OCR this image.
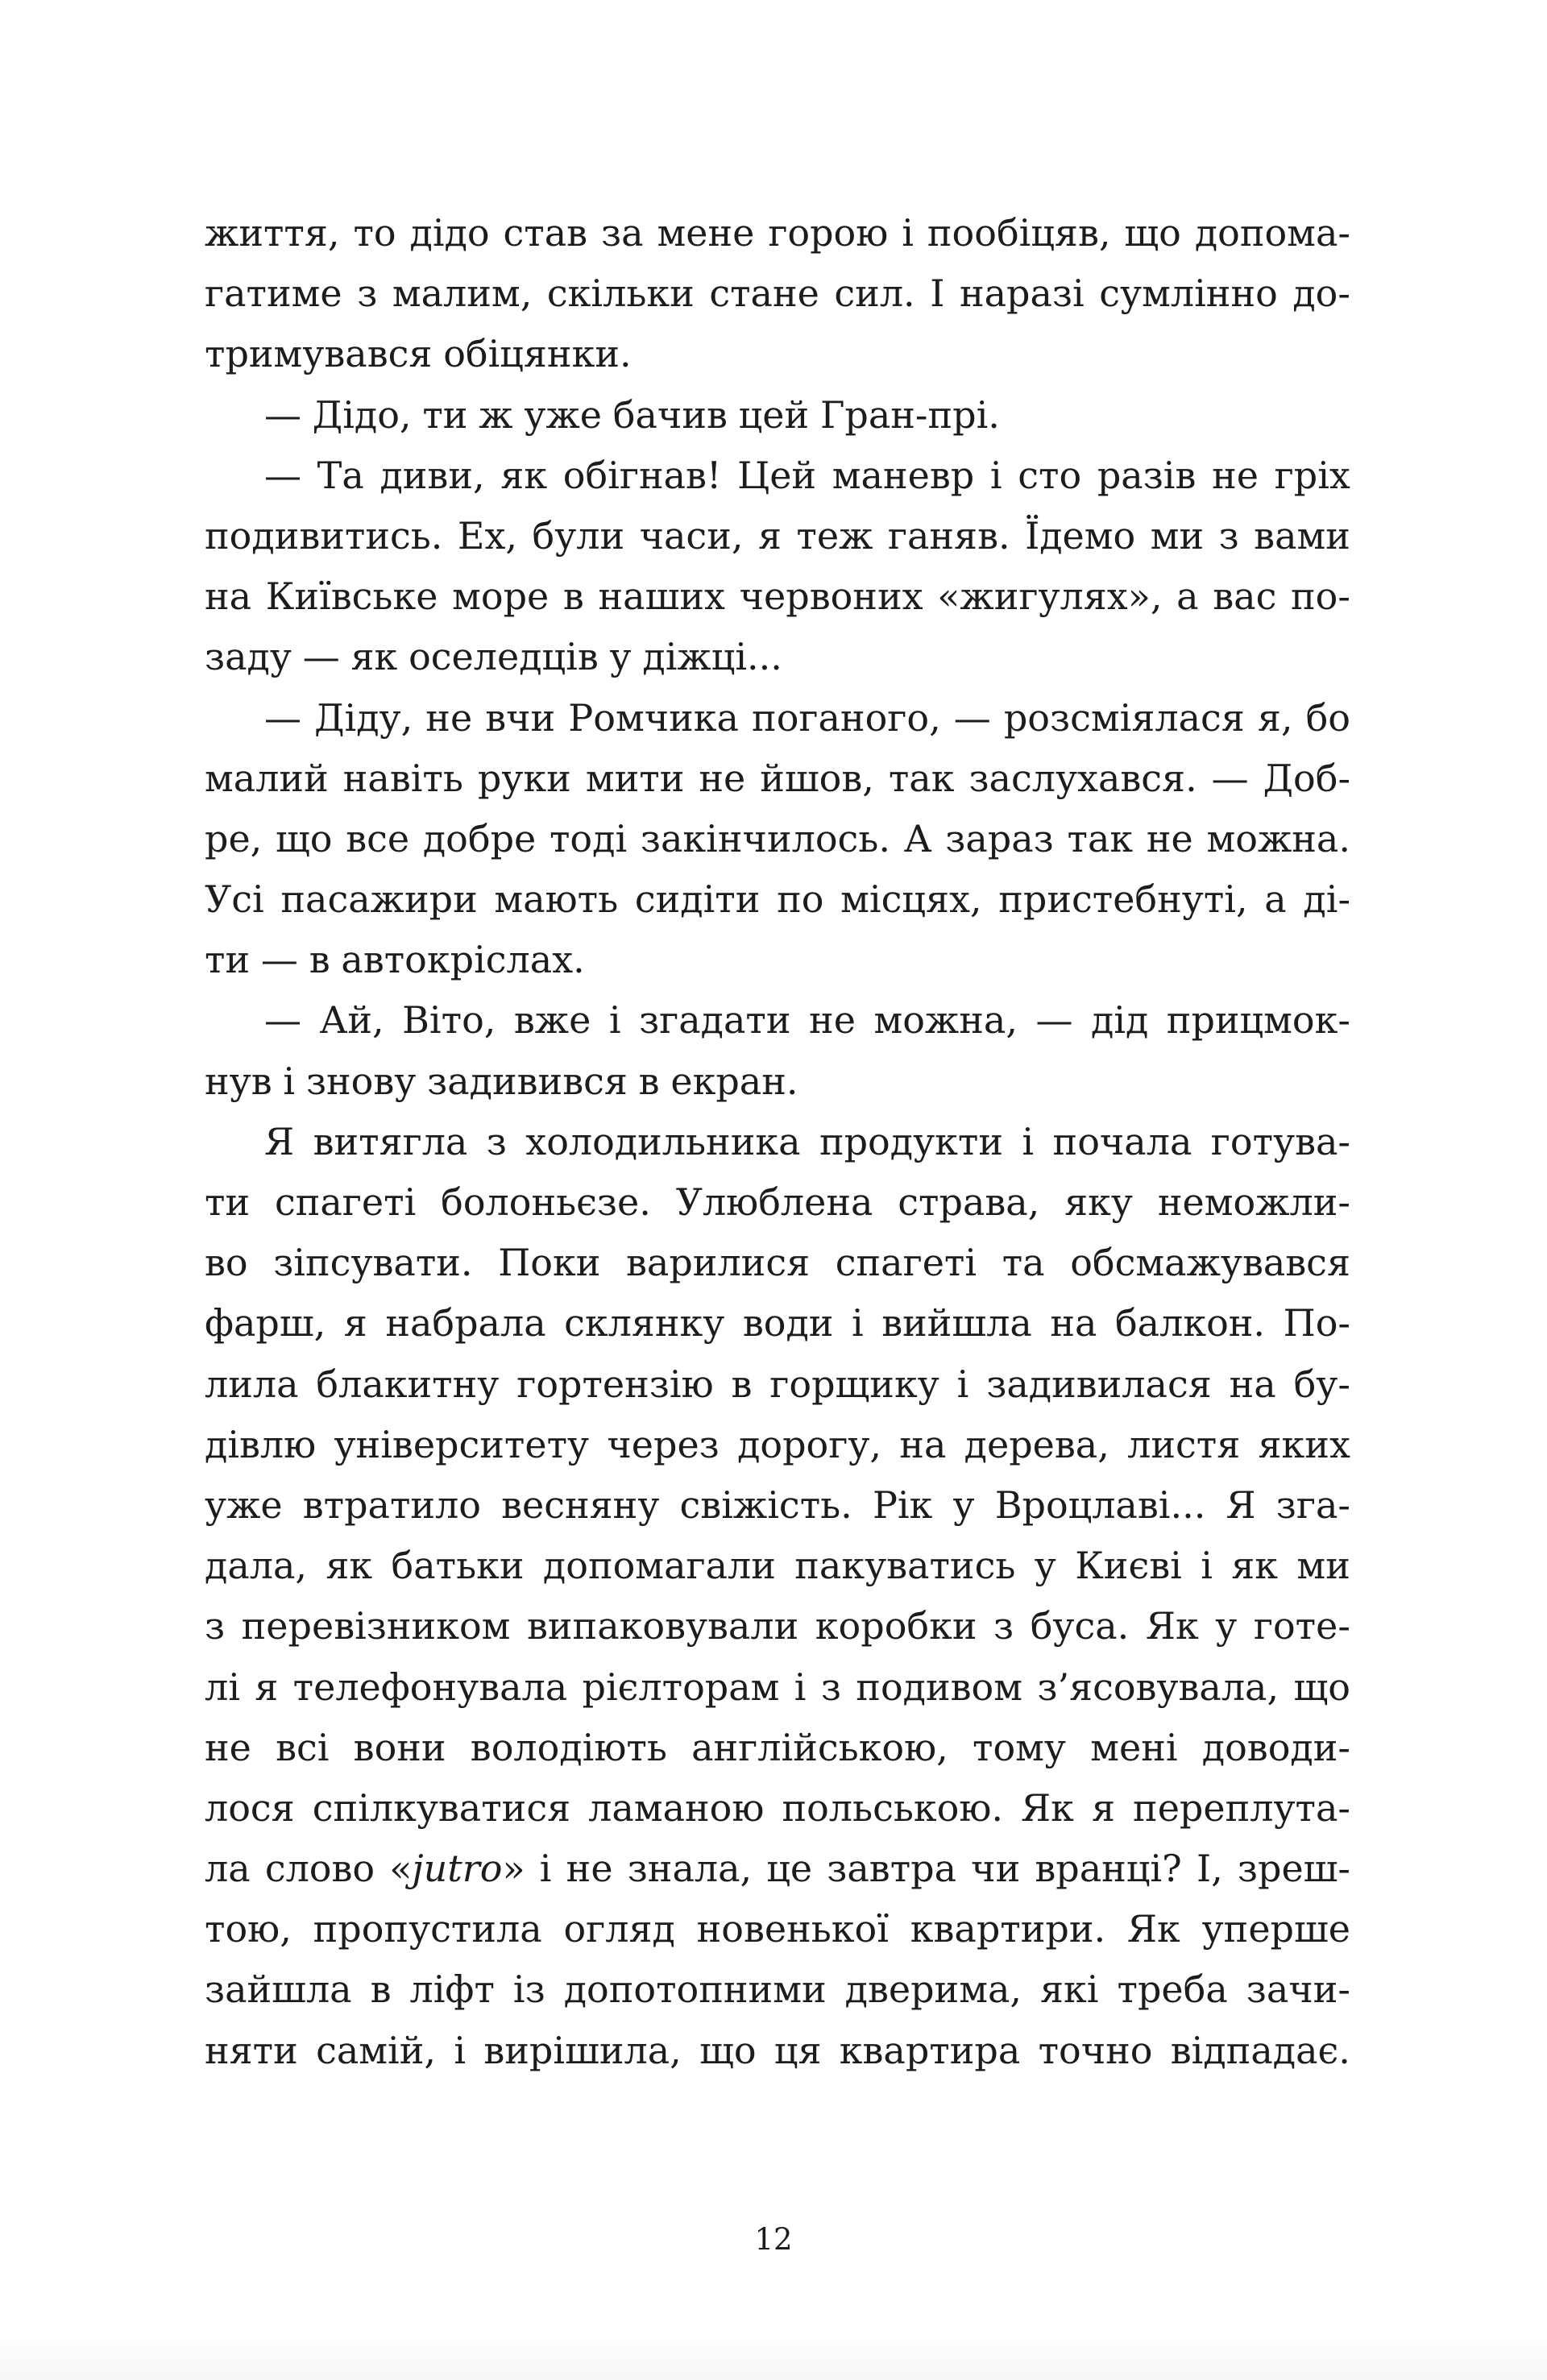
життя, то дідо став за мене горою і пообіцяв, що допома-
гатиме з малим, скільки стане сил. І наразі сумлінно до-
тримувався обіцянки.
— Дідо, ти ж уже бачив цей Гран-прі.
— Та диви, як обігнав! Цей маневр і сто разів не гріх
подивитись. Ех, були часи, я теж ганяв. Їдемо ми з вами
на Київське море в наших червоних «жигулях», а вас по-
заду — як оселедців у діжці...
— Діду, не вчи Ромчика поганого, — розсміялася я, бо
малий навіть руки мити не йшов, так заслухався. — Доб-
ре, що все добре тоді закінчилось. А зараз так не можна.
Усі пасажири мають сидіти по місцях, пристебнуті, а ді-
ти — в автокріслах.
— Ай, Віто, вже і згадати не можна, — дід прицмок-
нув і знову задивився в екран.
Я витягла з холодильника продукти і почала готува-
ти спагеті болоньєзе. Улюблена страва, яку неможли-
во зіпсувати. Поки варилися спагеті та обсмажувався
фарш, я набрала склянку води і вийшла на балкон. По-
лила блакитну гортензію в горщику і задивилася на бу-
дівлю університету через дорогу, на дерева, листя яких
уже втратило весняну свіжість. Рік у Вроцлаві... Я зга-
дала, як батьки допомагали пакуватись у Києві і як ми
з перевізником випаковували коробки з буса. Як у готе-
лі я телефонувала рієлторам і з подивом з’ясовувала, що
не всі вони володіють англійською, тому мені доводи-
лося спілкуватися ламаною польською. Як я переплута-
ла слово «jutro» і не знала, це завтра чи вранці? І, зреш-
тою, пропустила огляд новенької квартири. Як уперше
зайшла в ліфт із допотопними дверима, які треба зачи-
няти самій, і вирішила, що ця квартира точно відпадає.
12
